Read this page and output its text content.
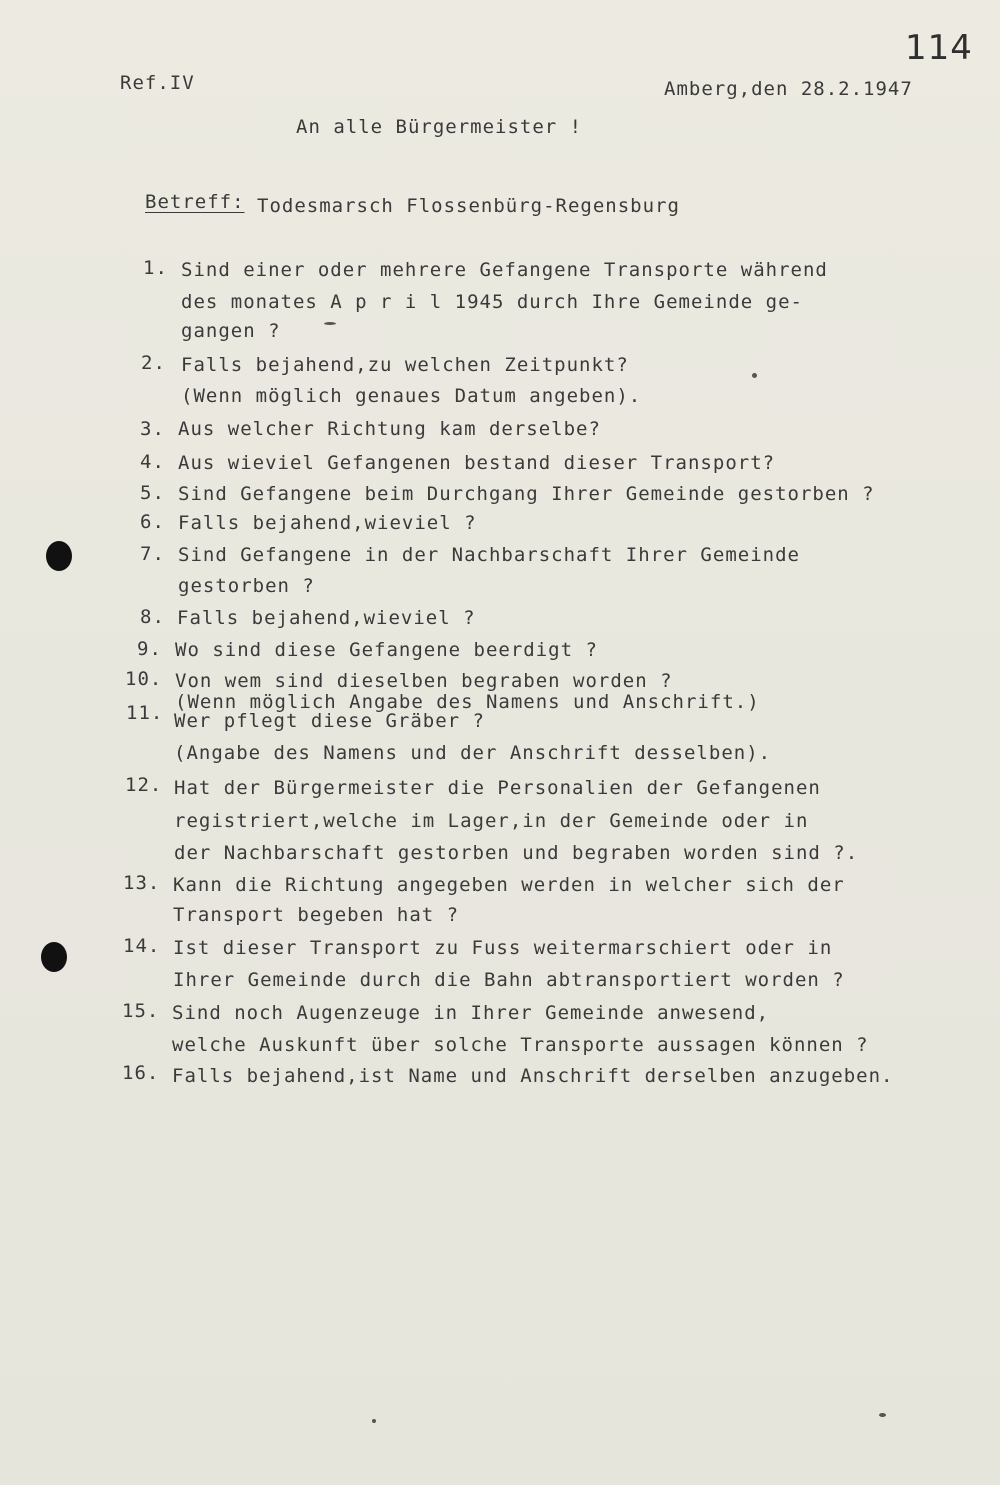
114
Ref.IV	Amberg,den 28.2.1947
An alle Bürgermeister !
Betreff: Todesmarsch Flossenbürg-Regensburg
1. Sind einer oder mehrere Gefangene Transporte während
des monates A p r i l 1945 durch Ihre Gemeinde ge-
gangen ?
2. Falls bejahend,zu welchen Zeitpunkt?
(Wenn möglich genaues Datum angeben).
3. Aus welcher Richtung kam derselbe?
4. Aus wieviel Gefangenen bestand dieser Transport?
5. Sind Gefangene beim Durchgang Ihrer Gemeinde gestorben ?
6. Falls bejahend,wieviel ?
7. Sind Gefangene in der Nachbarschaft Ihrer Gemeinde
gestorben ?
8. Falls bejahend,wieviel ?
9. Wo sind diese Gefangene beerdigt ?
10. Von wem sind dieselben begraben worden ?
(Wenn möglich Angabe des Namens und Anschrift.)
11. Wer pflegt diese Gräber ?
(Angabe des Namens und der Anschrift desselben).
12. Hat der Bürgermeister die Personalien der Gefangenen
registriert,welche im Lager,in der Gemeinde oder in
der Nachbarschaft gestorben und begraben worden sind ?.
13. Kann die Richtung angegeben werden in welcher sich der
Transport begeben hat ?
14. Ist dieser Transport zu Fuss weitermarschiert oder in
Ihrer Gemeinde durch die Bahn abtransportiert worden ?
15. Sind noch Augenzeuge in Ihrer Gemeinde anwesend,
welche Auskunft über solche Transporte aussagen können ?
16. Falls bejahend,ist Name und Anschrift derselben anzugeben.
